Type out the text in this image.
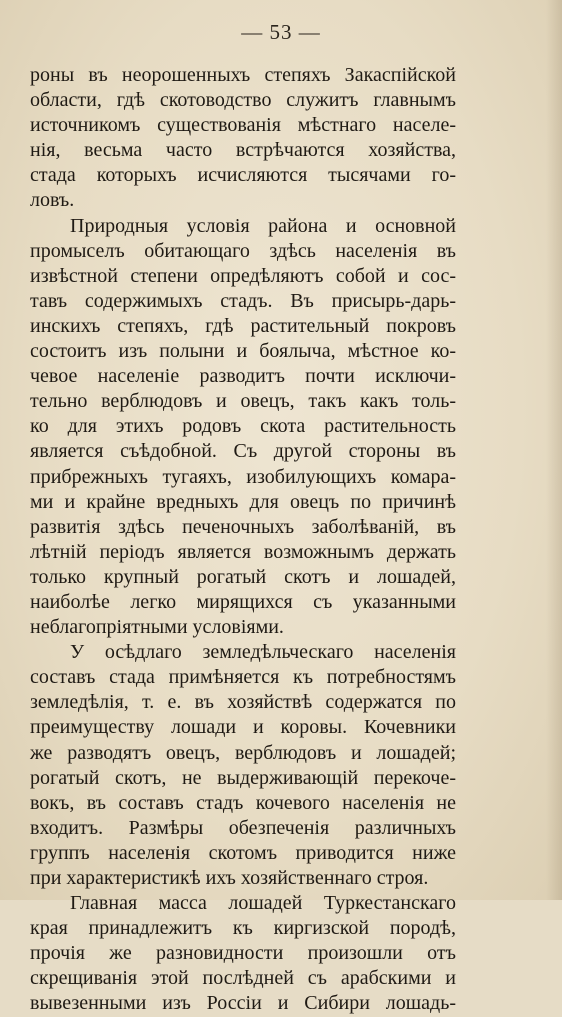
— 53 —
роны въ неорошенныхъ степяхъ Закаспійской
области, гдѣ скотоводство служитъ главнымъ
источникомъ существованія мѣстнаго населе-
нія, весьма часто встрѣчаются хозяйства,
стада которыхъ исчисляются тысячами го-
ловъ.
Природныя условія района и основной
промыселъ обитающаго здѣсь населенія въ
извѣстной степени опредѣляютъ собой и сос-
тавъ содержимыхъ стадъ. Въ присырь-дарь-
инскихъ степяхъ, гдѣ растительный покровъ
состоитъ изъ полыни и боялыча, мѣстное ко-
чевое населеніе разводитъ почти исключи-
тельно верблюдовъ и овецъ, такъ какъ толь-
ко для этихъ родовъ скота растительность
является съѣдобной. Съ другой стороны въ
прибрежныхъ тугаяхъ, изобилующихъ комара-
ми и крайне вредныхъ для овецъ по причинѣ
развитія здѣсь печеночныхъ заболѣваній, въ
лѣтній періодъ является возможнымъ держать
только крупный рогатый скотъ и лошадей,
наиболѣе легко мирящихся съ указанными
неблагопріятными условіями.
У осѣдлаго земледѣльческаго населенія
составъ стада примѣняется къ потребностямъ
земледѣлія, т. е. въ хозяйствѣ содержатся по
преимуществу лошади и коровы. Кочевники
же разводятъ овецъ, верблюдовъ и лошадей;
рогатый скотъ, не выдерживающій перекоче-
вокъ, въ составъ стадъ кочевого населенія не
входитъ. Размѣры обезпеченія различныхъ
группъ населенія скотомъ приводится ниже
при характеристикѣ ихъ хозяйственнаго строя.
Главная масса лошадей Туркестанскаго
края принадлежитъ къ киргизской породѣ,
прочія же разновидности произошли отъ
скрещиванія этой послѣдней съ арабскими и
вывезенными изъ Россіи и Сибири лошадь-
